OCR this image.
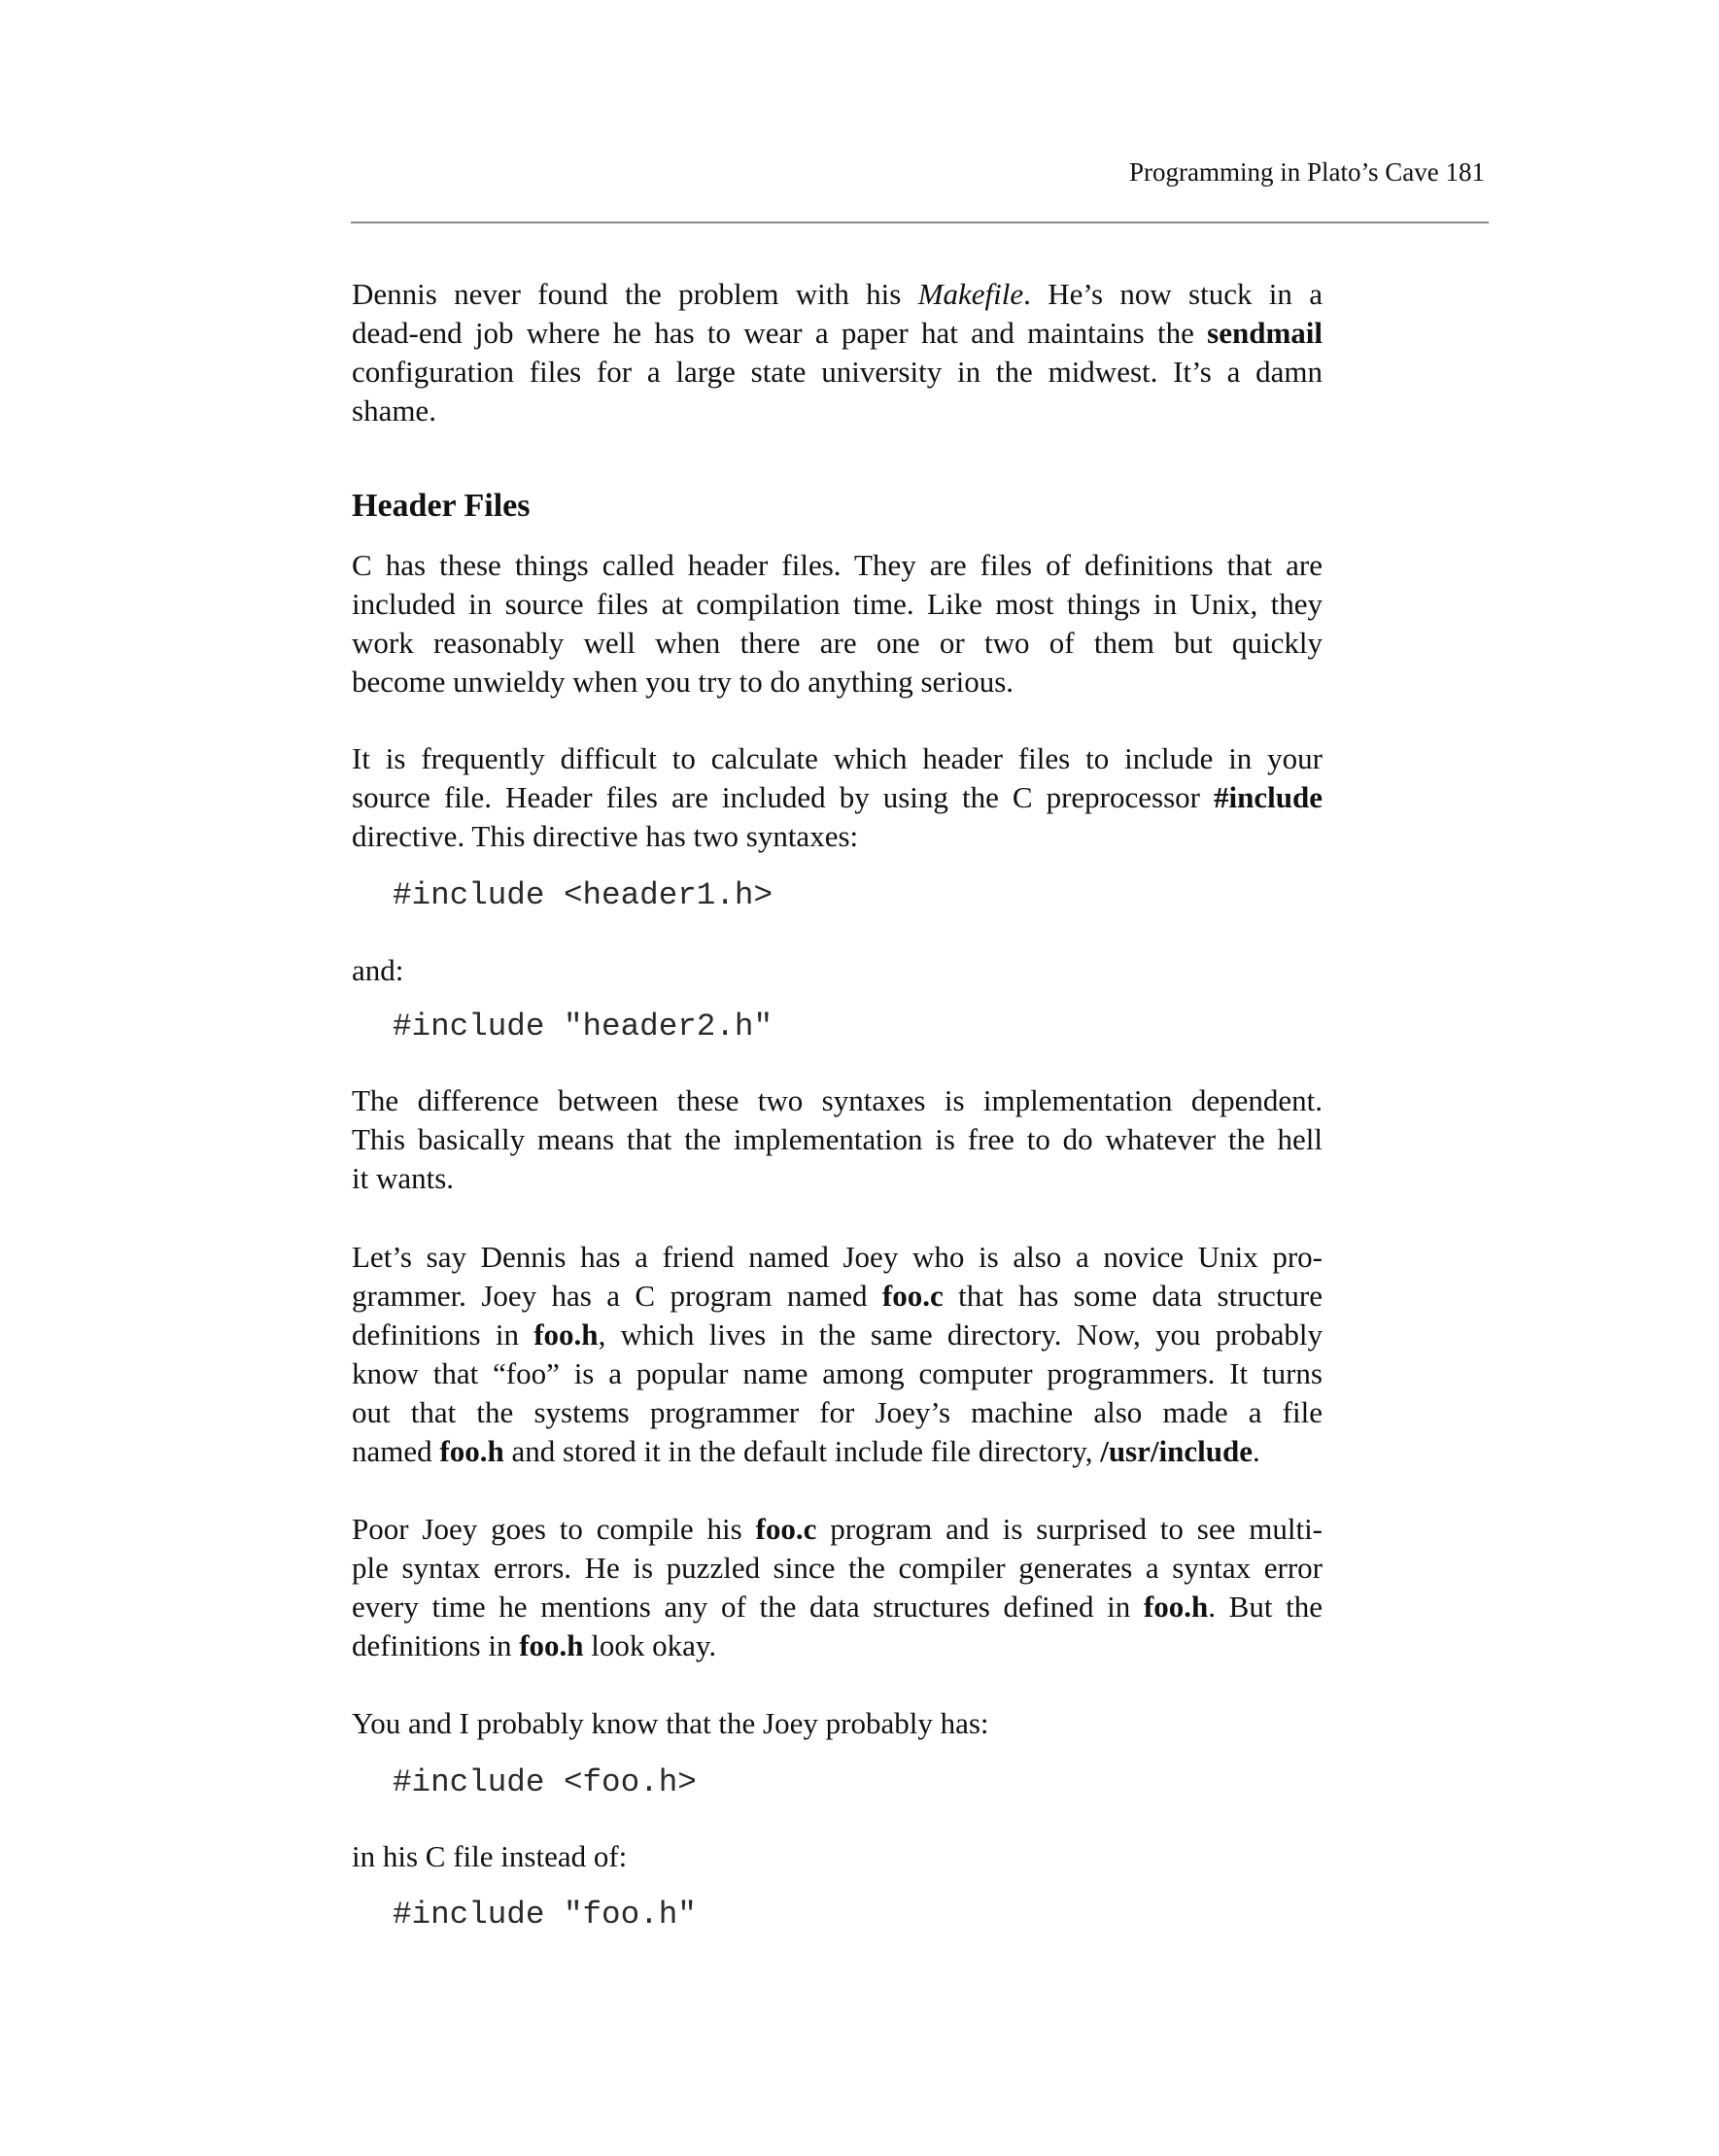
Programming in Plato’s Cave 181
Dennis never found the problem with his Makefile. He’s now stuck in a
dead-end job where he has to wear a paper hat and maintains the sendmail
configuration files for a large state university in the midwest. It’s a damn
shame.
Header Files
C has these things called header files. They are files of definitions that are
included in source files at compilation time. Like most things in Unix, they
work reasonably well when there are one or two of them but quickly
become unwieldy when you try to do anything serious.
It is frequently difficult to calculate which header files to include in your
source file. Header files are included by using the C preprocessor #include
directive. This directive has two syntaxes:
#include <header1.h>
and:
#include "header2.h"
The difference between these two syntaxes is implementation dependent.
This basically means that the implementation is free to do whatever the hell
it wants.
Let’s say Dennis has a friend named Joey who is also a novice Unix pro-
grammer. Joey has a C program named foo.c that has some data structure
definitions in foo.h, which lives in the same directory. Now, you probably
know that “foo” is a popular name among computer programmers. It turns
out that the systems programmer for Joey’s machine also made a file
named foo.h and stored it in the default include file directory, /usr/include.
Poor Joey goes to compile his foo.c program and is surprised to see multi-
ple syntax errors. He is puzzled since the compiler generates a syntax error
every time he mentions any of the data structures defined in foo.h. But the
definitions in foo.h look okay.
You and I probably know that the Joey probably has:
#include <foo.h>
in his C file instead of:
#include "foo.h"
